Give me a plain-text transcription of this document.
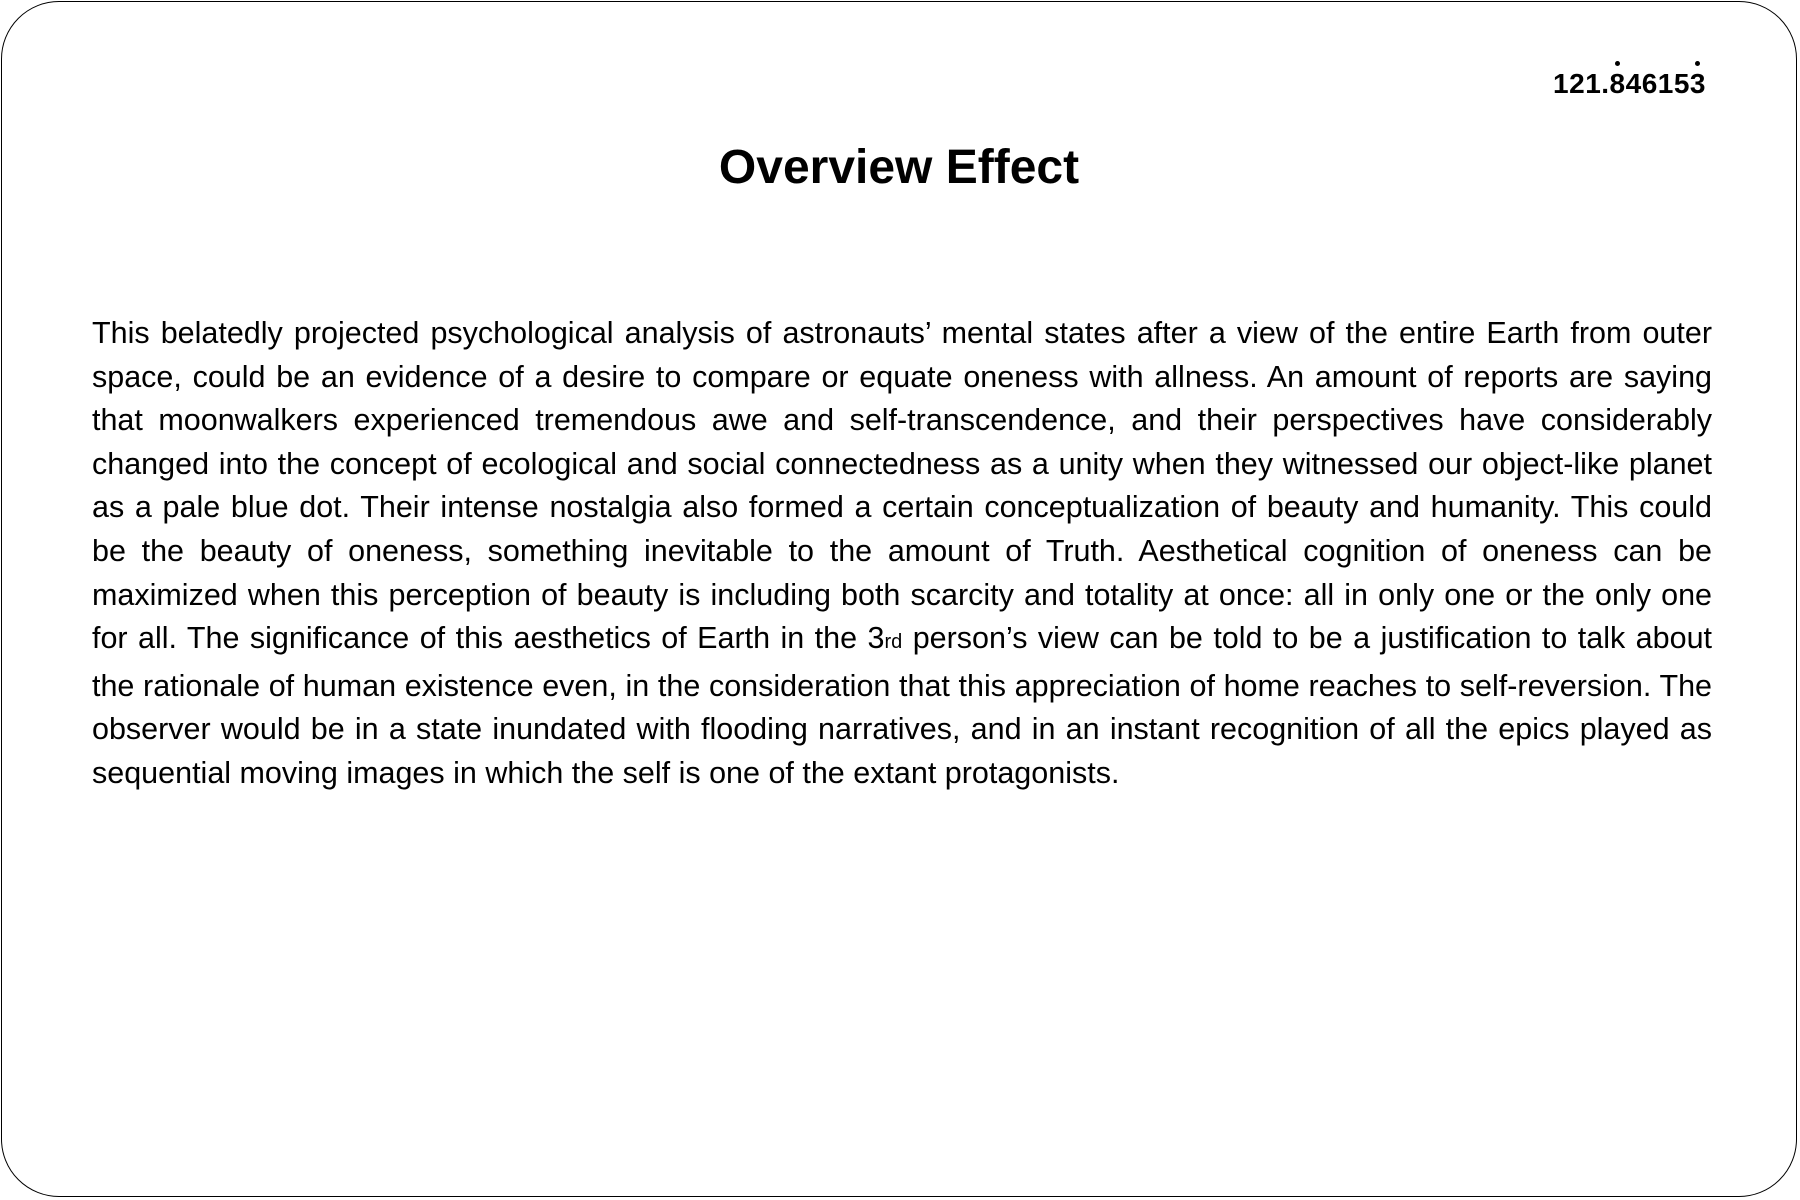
121.846153
Overview Effect

This belatedly projected psychological analysis of astronauts’ mental states after a view of the entire Earth from outer space, could be an evidence of a desire to compare or equate oneness with allness. An amount of reports are saying that moonwalkers experienced tremendous awe and self-transcendence, and their perspectives have considerably changed into the concept of ecological and social connectedness as a unity when they witnessed our object-like planet as a pale blue dot. Their intense nostalgia also formed a certain conceptualization of beauty and humanity. This could be the beauty of oneness, something inevitable to the amount of Truth. Aesthetical cognition of oneness can be maximized when this perception of beauty is including both scarcity and totality at once: all in only one or the only one for all. The significance of this aesthetics of Earth in the 3rd person’s view can be told to be a justification to talk about the rationale of human existence even, in the consideration that this appreciation of home reaches to self-reversion. The observer would be in a state inundated with flooding narratives, and in an instant recognition of all the epics played as sequential moving images in which the self is one of the extant protagonists.
